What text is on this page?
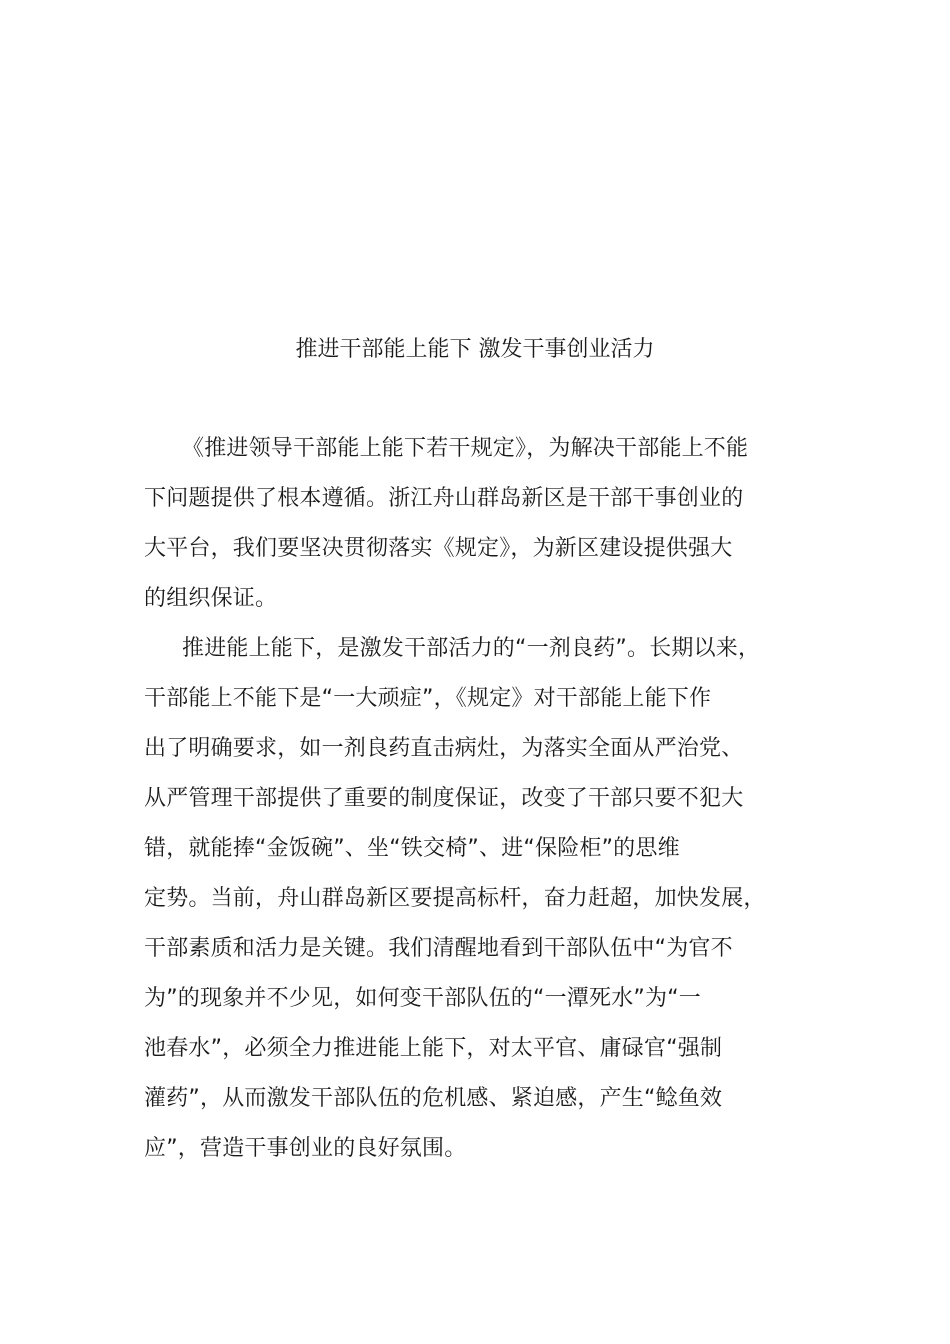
推进干部能上能下 激发干事创业活力
《推进领导干部能上能下若干规定》，为解决干部能上不能
下问题提供了根本遵循。浙江舟山群岛新区是干部干事创业的
大平台，我们要坚决贯彻落实《规定》，为新区建设提供强大
的组织保证。
推进能上能下，是激发干部活力的“一剂良药”。长期以来，
干部能上不能下是“一大顽症”，《规定》对干部能上能下作
出了明确要求，如一剂良药直击病灶，为落实全面从严治党、
从严管理干部提供了重要的制度保证，改变了干部只要不犯大
错，就能捧“金饭碗”、坐“铁交椅”、进“保险柜”的思维
定势。当前，舟山群岛新区要提高标杆，奋力赶超，加快发展，
干部素质和活力是关键。我们清醒地看到干部队伍中“为官不
为”的现象并不少见，如何变干部队伍的“一潭死水”为“一
池春水”，必须全力推进能上能下，对太平官、庸碌官“强制
灌药”，从而激发干部队伍的危机感、紧迫感，产生“鲶鱼效
应”，营造干事创业的良好氛围。
